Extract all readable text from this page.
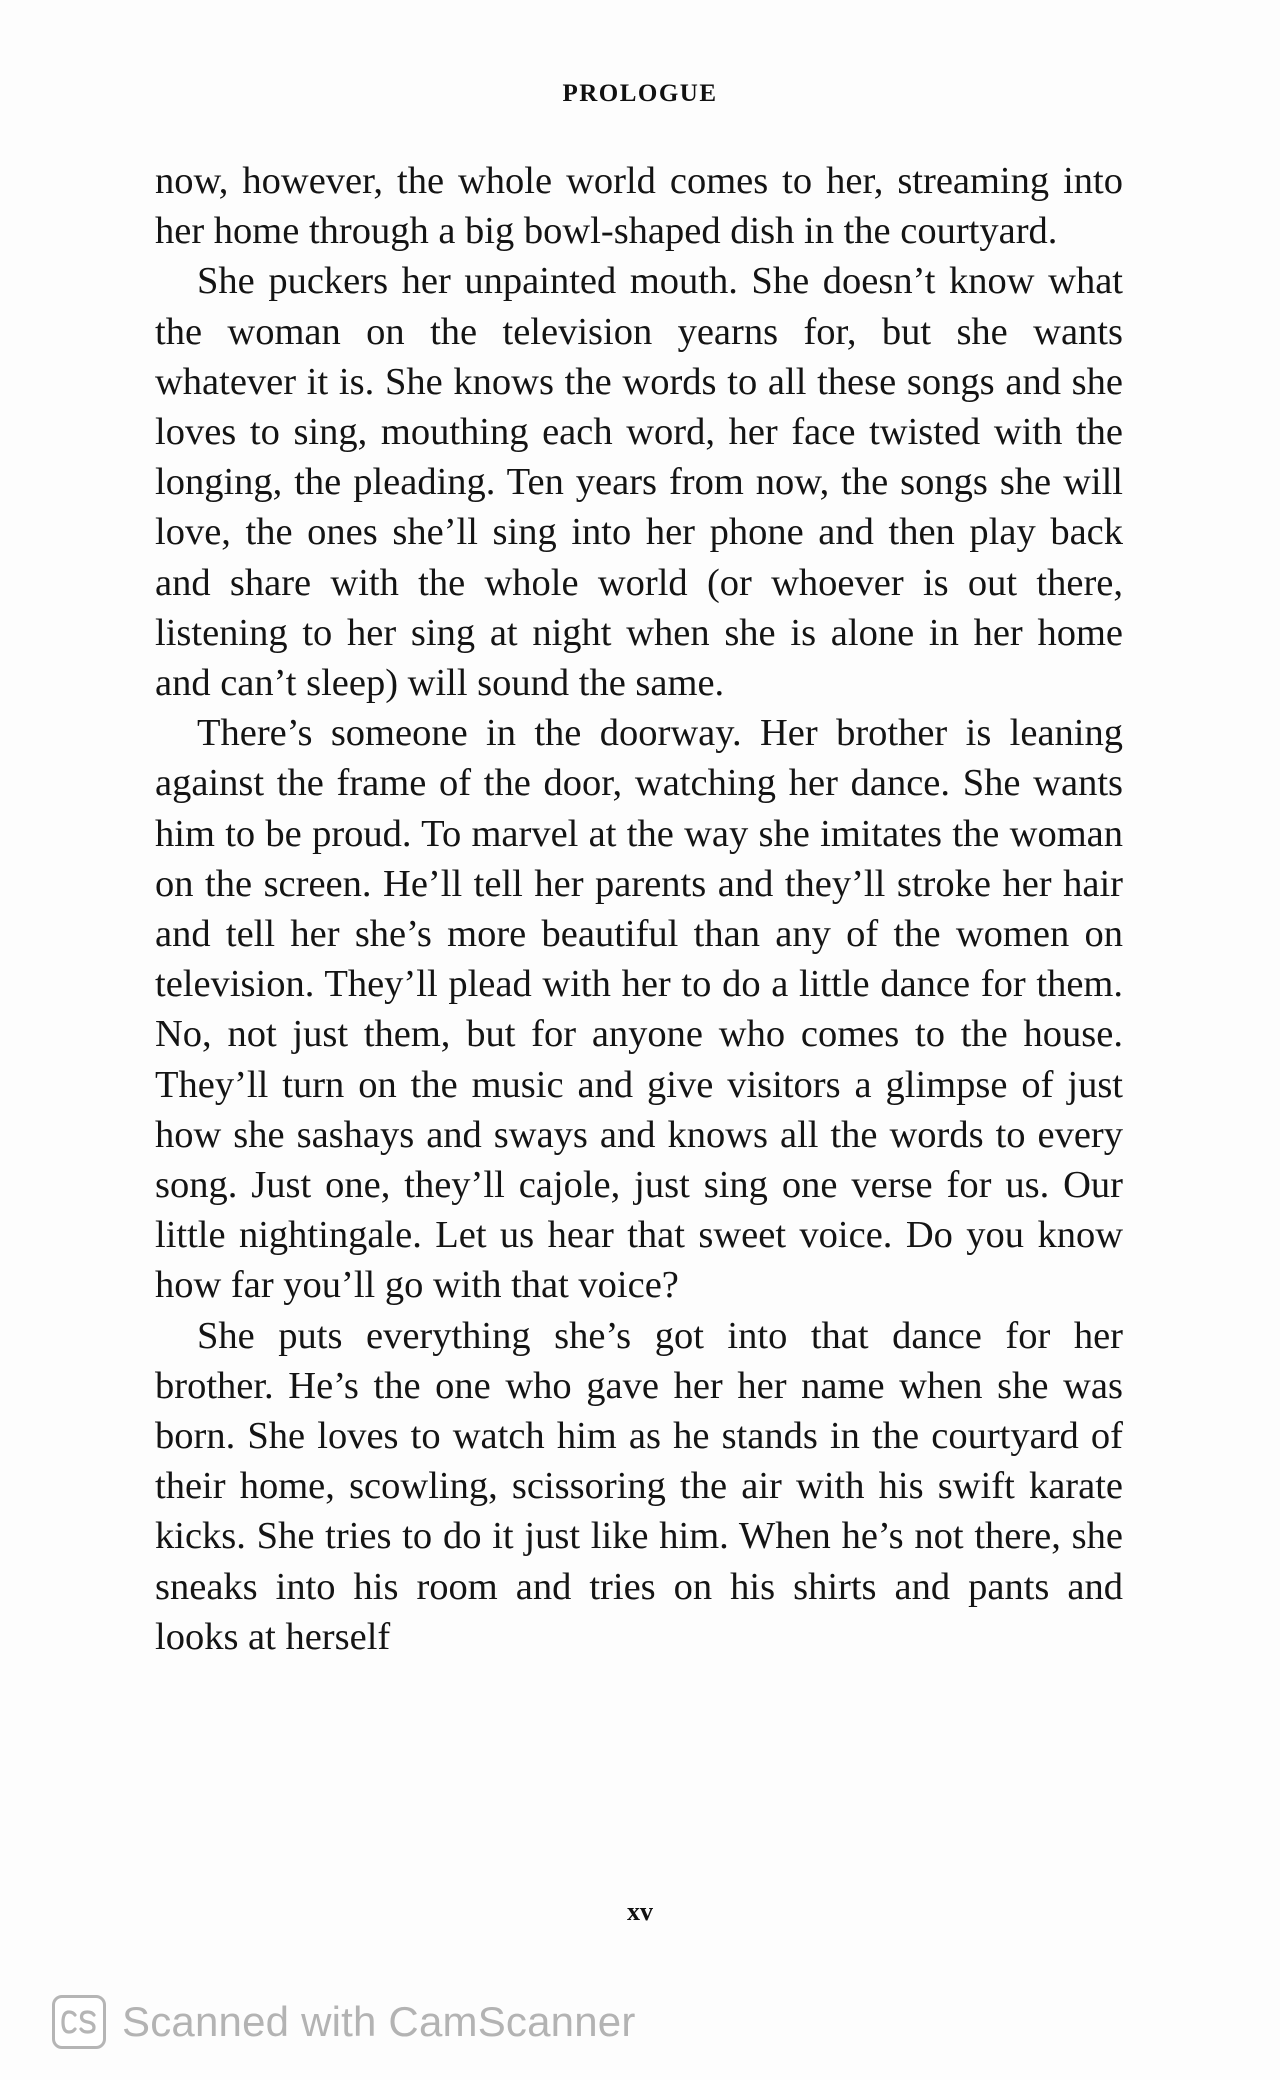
PROLOGUE

now, however, the whole world comes to her, streaming into her home through a big bowl-shaped dish in the courtyard.

She puckers her unpainted mouth. She doesn’t know what the woman on the television yearns for, but she wants whatever it is. She knows the words to all these songs and she loves to sing, mouthing each word, her face twisted with the longing, the pleading. Ten years from now, the songs she will love, the ones she’ll sing into her phone and then play back and share with the whole world (or whoever is out there, listening to her sing at night when she is alone in her home and can’t sleep) will sound the same.

There’s someone in the doorway. Her brother is leaning against the frame of the door, watching her dance. She wants him to be proud. To marvel at the way she imitates the woman on the screen. He’ll tell her parents and they’ll stroke her hair and tell her she’s more beautiful than any of the women on television. They’ll plead with her to do a little dance for them. No, not just them, but for anyone who comes to the house. They’ll turn on the music and give visitors a glimpse of just how she sashays and sways and knows all the words to every song. Just one, they’ll cajole, just sing one verse for us. Our little nightingale. Let us hear that sweet voice. Do you know how far you’ll go with that voice?

She puts everything she’s got into that dance for her brother. He’s the one who gave her her name when she was born. She loves to watch him as he stands in the courtyard of their home, scowling, scissoring the air with his swift karate kicks. She tries to do it just like him. When he’s not there, she sneaks into his room and tries on his shirts and pants and looks at herself

xv
Scanned with CamScanner
